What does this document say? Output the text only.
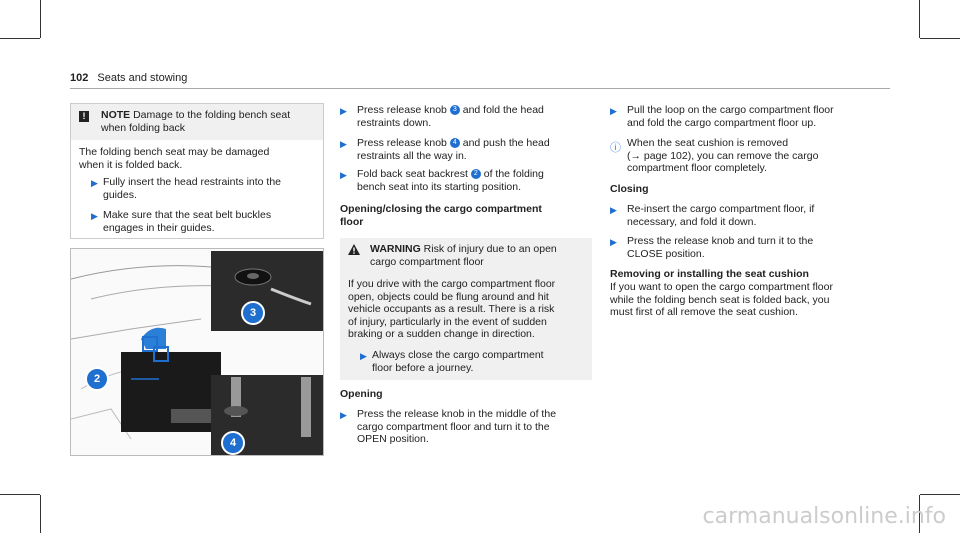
102 Seats and stowing
!	NOTE Damage to the folding bench seat
when folding back
The folding bench seat may be damaged
when it is folded back.
▶ Fully insert the head restraints into the
guides.
▶ Make sure that the seat belt buckles
engages in their guides.
3
2
4
▶ Press release knob 3 and fold the head
restraints down.
▶ Press release knob 4 and push the head
restraints all the way in.
▶ Fold back seat backrest 2 of the folding
bench seat into its starting position.
Opening/closing the cargo compartment
floor
WARNING Risk of injury due to an open
cargo compartment floor
If you drive with the cargo compartment floor
open, objects could be flung around and hit
vehicle occupants as a result. There is a risk
of injury, particularly in the event of sudden
braking or a sudden change in direction.
▶ Always close the cargo compartment
floor before a journey.
Opening
▶ Press the release knob in the middle of the
cargo compartment floor and turn it to the
OPEN position.
▶ Pull the loop on the cargo compartment floor
and fold the cargo compartment floor up.
ⓘ When the seat cushion is removed
(→ page 102), you can remove the cargo
compartment floor completely.
Closing
▶ Re-insert the cargo compartment floor, if
necessary, and fold it down.
▶ Press the release knob and turn it to the
CLOSE position.
Removing or installing the seat cushion
If you want to open the cargo compartment floor
while the folding bench seat is folded back, you
must first of all remove the seat cushion.
carmanualsonline.info
